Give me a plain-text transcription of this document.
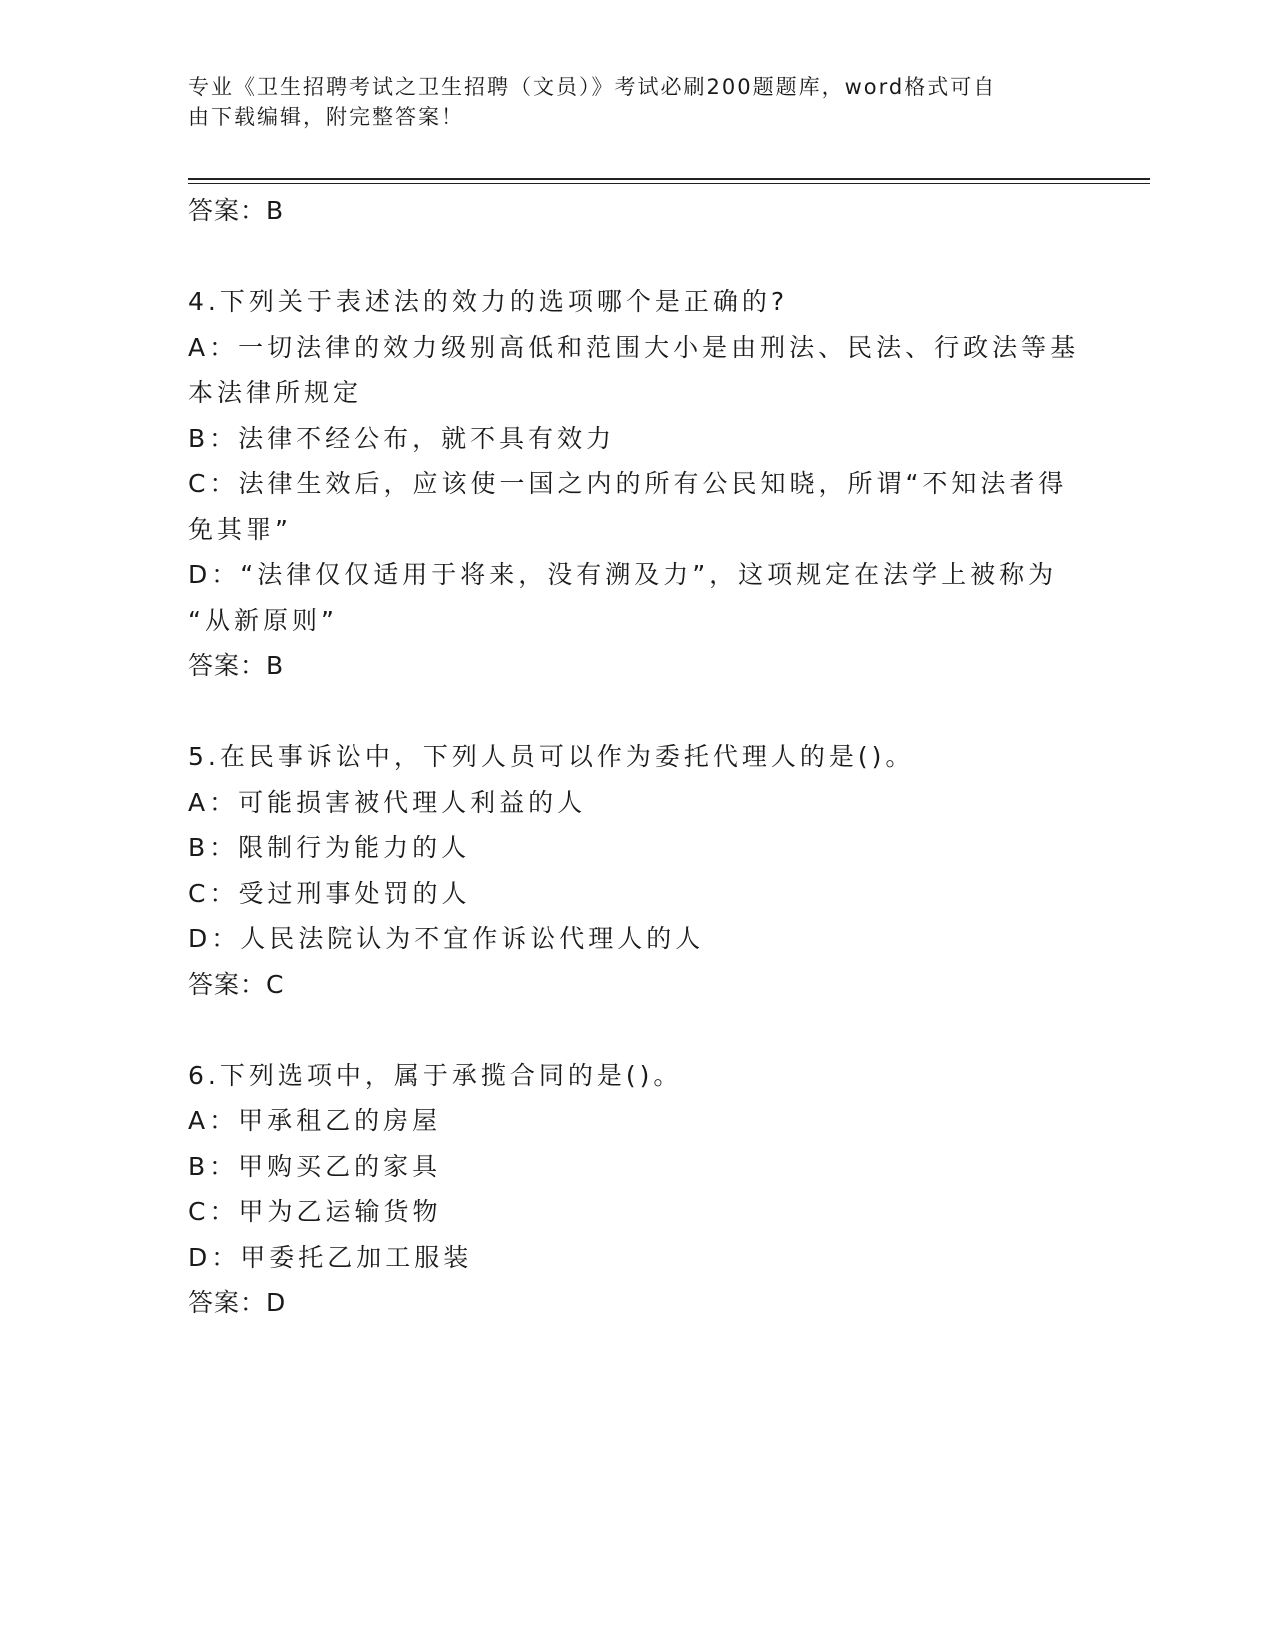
专业《卫生招聘考试之卫生招聘（文员）》考试必刷200题题库，word格式可自
由下载编辑，附完整答案！
答案：B
4.下列关于表述法的效力的选项哪个是正确的?
A：一切法律的效力级别高低和范围大小是由刑法、民法、行政法等基
本法律所规定
B：法律不经公布，就不具有效力
C：法律生效后，应该使一国之内的所有公民知晓，所谓“不知法者得
免其罪”
D：“法律仅仅适用于将来，没有溯及力”，这项规定在法学上被称为
“从新原则”
答案：B
5.在民事诉讼中，下列人员可以作为委托代理人的是()。
A：可能损害被代理人利益的人
B：限制行为能力的人
C：受过刑事处罚的人
D：人民法院认为不宜作诉讼代理人的人
答案：C
6.下列选项中，属于承揽合同的是()。
A：甲承租乙的房屋
B：甲购买乙的家具
C：甲为乙运输货物
D：甲委托乙加工服装
答案：D
